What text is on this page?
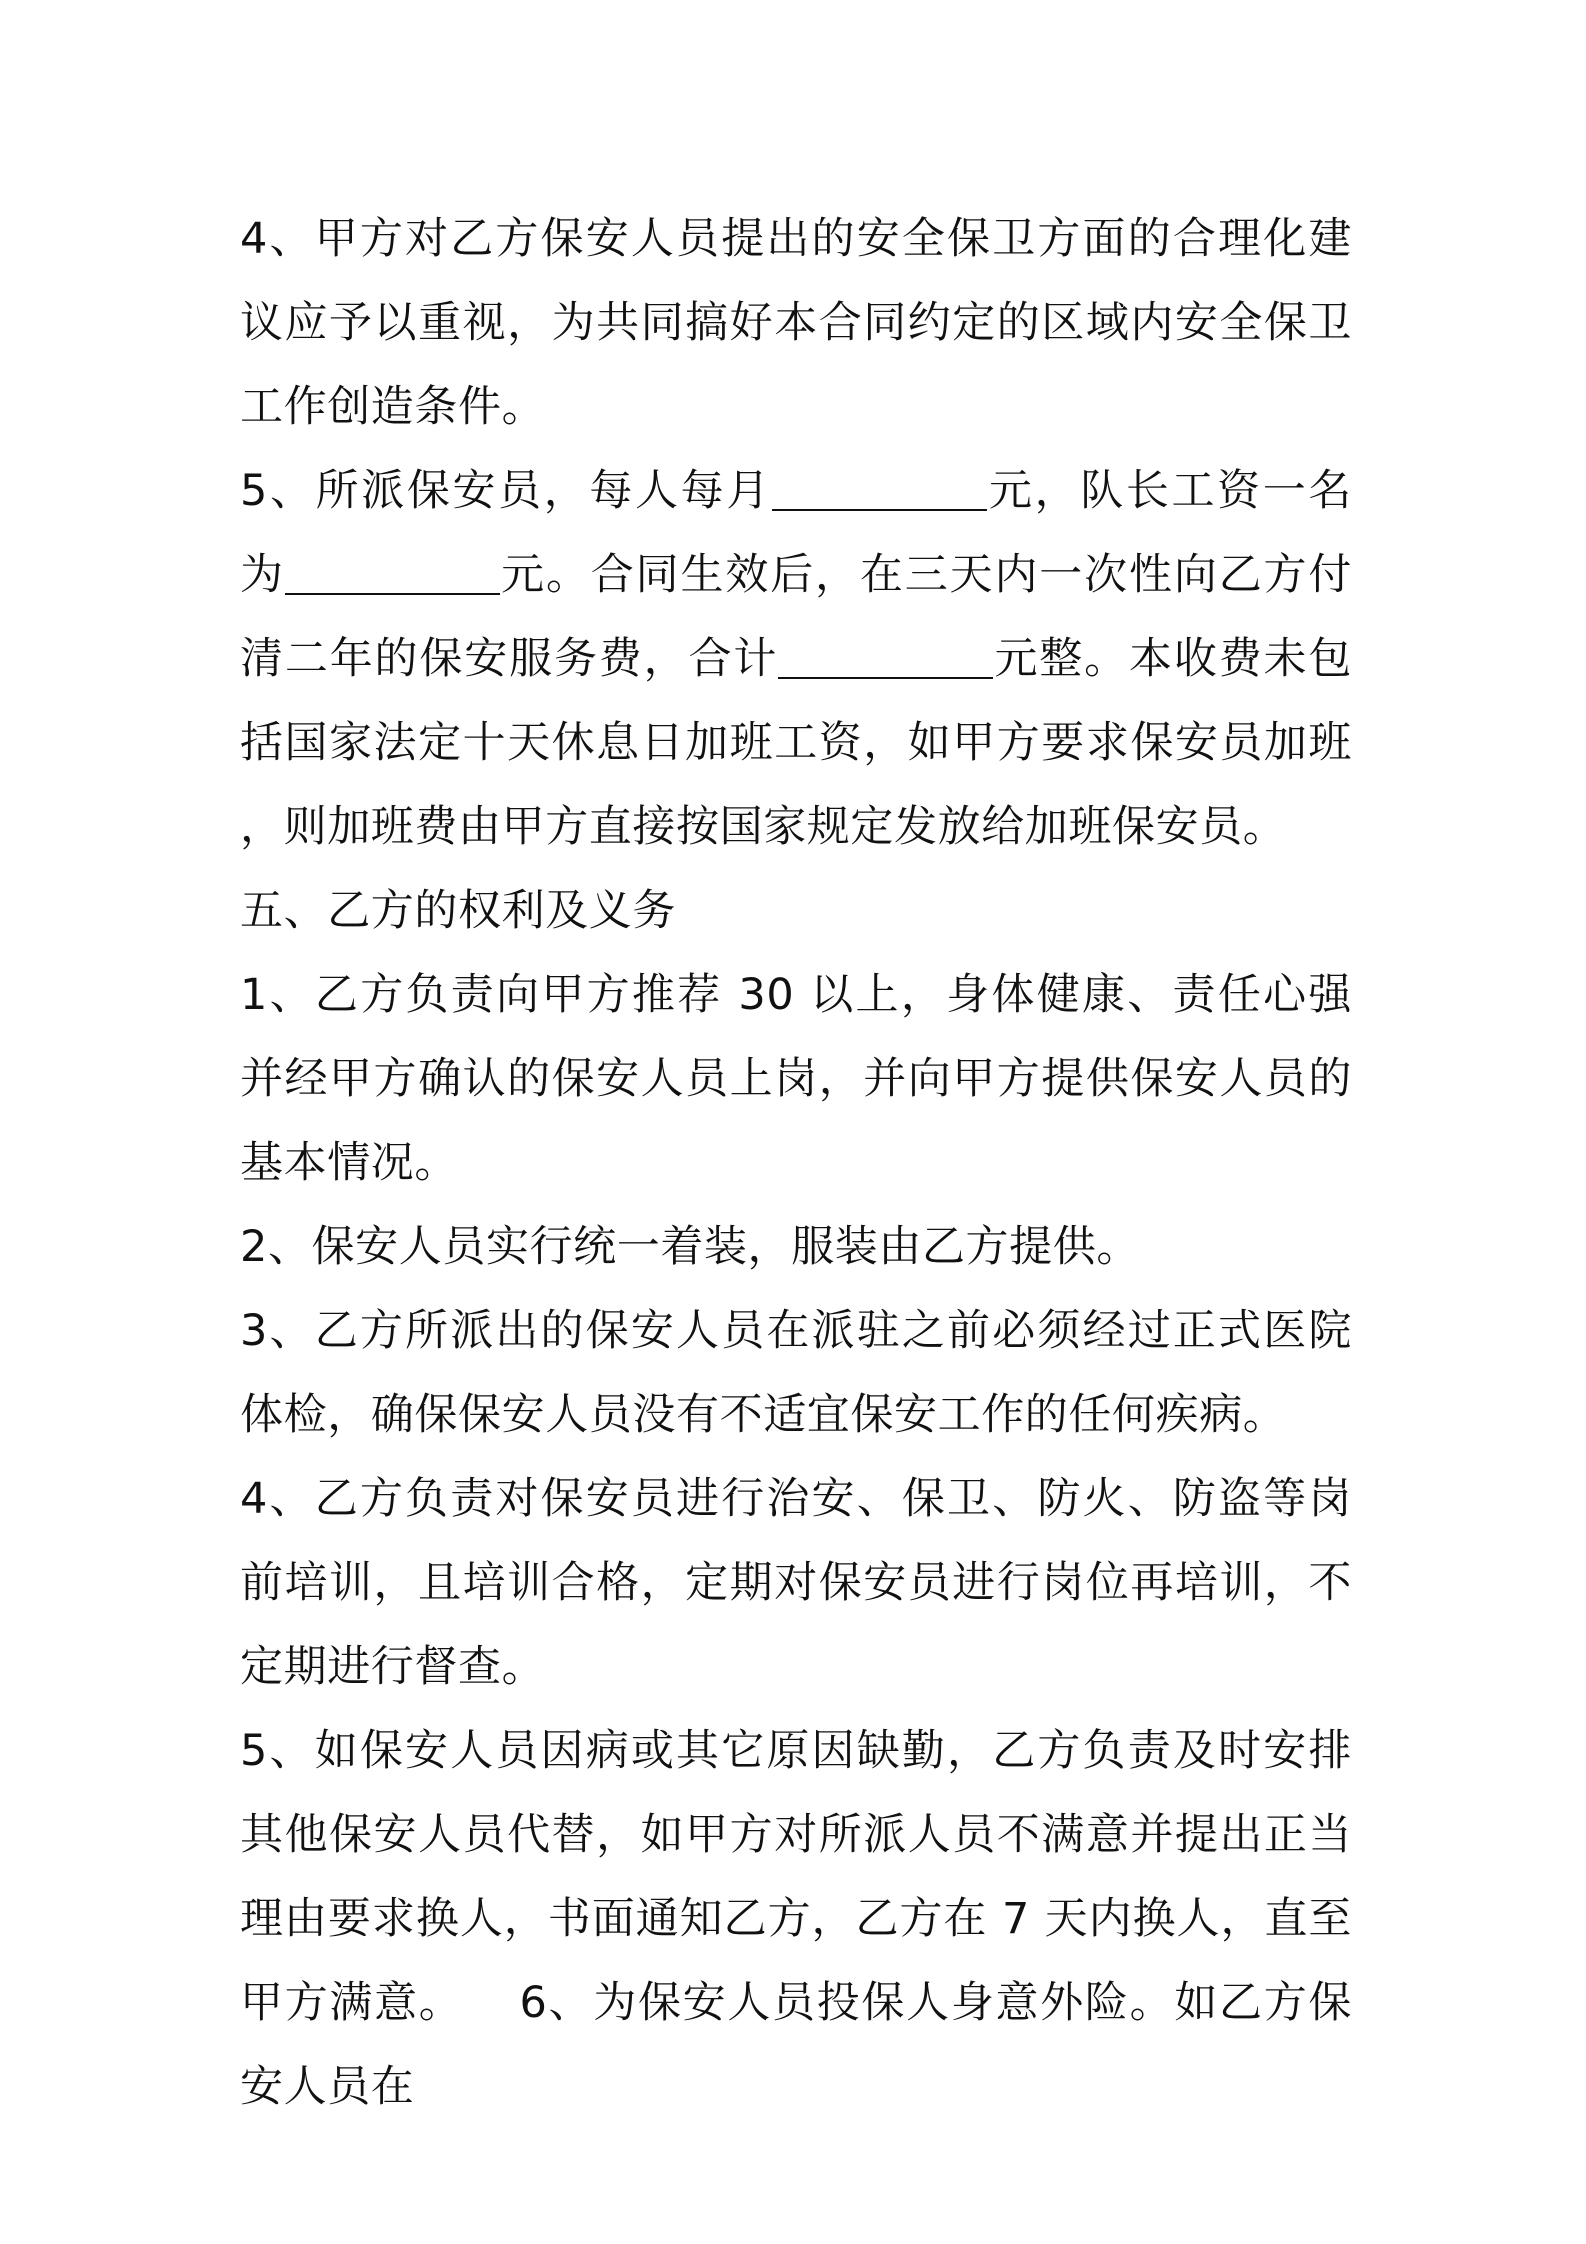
4、甲方对乙方保安人员提出的安全保卫方面的合理化建议应予以重视，为共同搞好本合同约定的区域内安全保卫工作创造条件。

5、所派保安员，每人每月	元，队长工资一名为	元。合同生效后，在三天内一次性向乙方付清二年的保安服务费，合计	元整。本收费未包括国家法定十天休息日加班工资，如甲方要求保安员加班，则加班费由甲方直接按国家规定发放给加班保安员。

五、乙方的权利及义务

1、乙方负责向甲方推荐 30 以上，身体健康、责任心强并经甲方确认的保安人员上岗，并向甲方提供保安人员的基本情况。

2、保安人员实行统一着装，服装由乙方提供。

3、乙方所派出的保安人员在派驻之前必须经过正式医院体检，确保保安人员没有不适宜保安工作的任何疾病。

4、乙方负责对保安员进行治安、保卫、防火、防盗等岗前培训，且培训合格，定期对保安员进行岗位再培训，不定期进行督查。

5、如保安人员因病或其它原因缺勤，乙方负责及时安排其他保安人员代替，如甲方对所派人员不满意并提出正当理由要求换人，书面通知乙方，乙方在 7 天内换人，直至甲方满意。 6、为保安人员投保人身意外险。如乙方保安人员在
